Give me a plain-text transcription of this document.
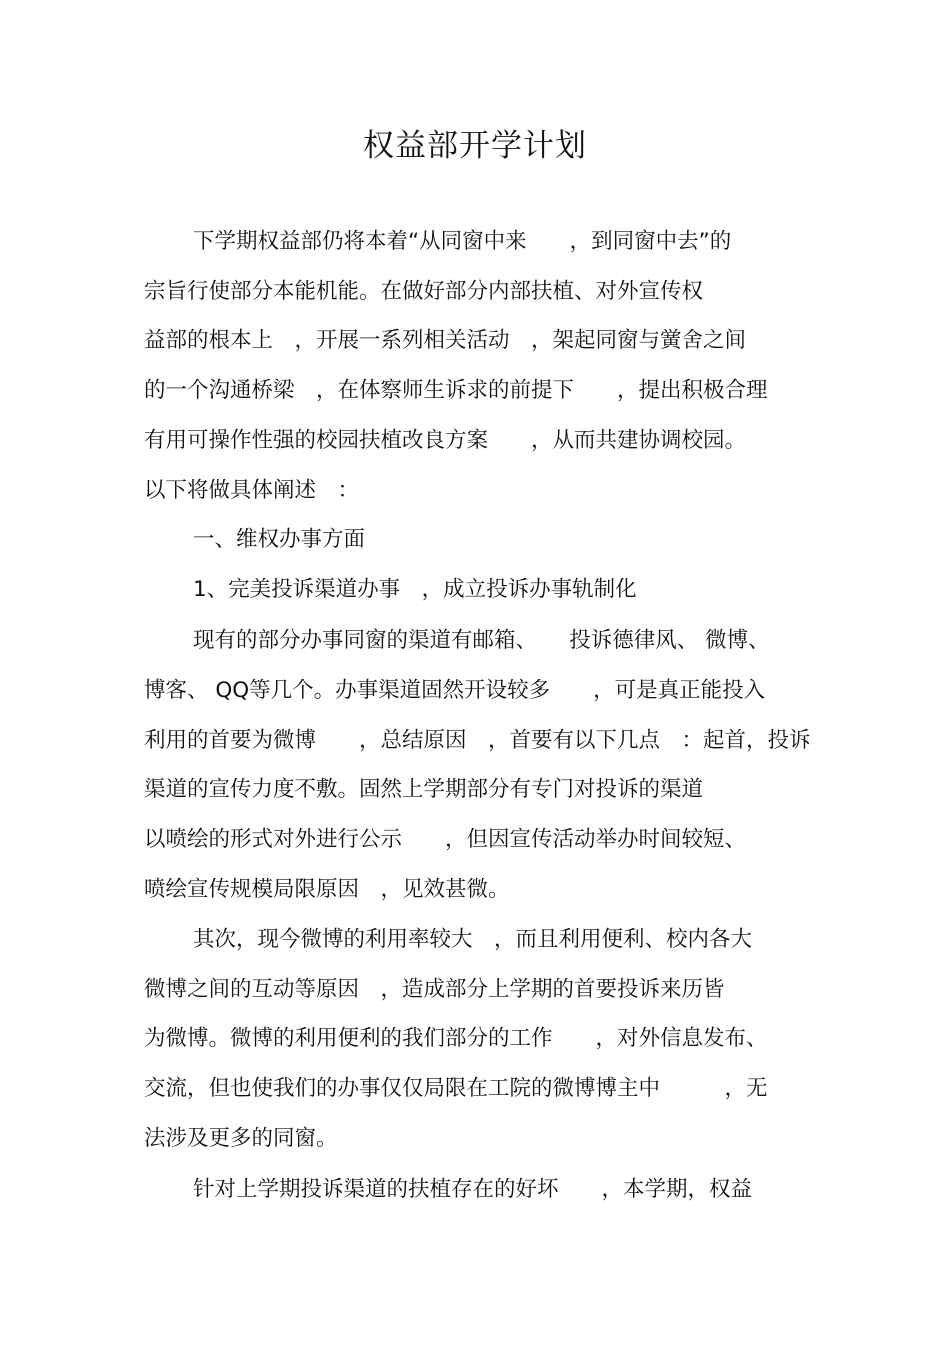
权益部开学计划
下学期权益部仍将本着“从同窗中来　　，到同窗中去”的
宗旨行使部分本能机能。在做好部分内部扶植、对外宣传权
益部的根本上　，开展一系列相关活动　，架起同窗与黉舍之间
的一个沟通桥梁　，在体察师生诉求的前提下　　，提出积极合理
有用可操作性强的校园扶植改良方案　　，从而共建协调校园。
以下将做具体阐述　：
一、维权办事方面
1、完美投诉渠道办事　，成立投诉办事轨制化
现有的部分办事同窗的渠道有邮箱、　　投诉德律风、 微博、
博客、 QQ等几个。办事渠道固然开设较多　　，可是真正能投入
利用的首要为微博　　，总结原因　，首要有以下几点　：起首，投诉
渠道的宣传力度不敷。固然上学期部分有专门对投诉的渠道
以喷绘的形式对外进行公示　　，但因宣传活动举办时间较短、
喷绘宣传规模局限原因　，见效甚微。
其次，现今微博的利用率较大　，而且利用便利、校内各大
微博之间的互动等原因　，造成部分上学期的首要投诉来历皆
为微博。微博的利用便利的我们部分的工作　　，对外信息发布、
交流，但也使我们的办事仅仅局限在工院的微博博主中　　　，无
法涉及更多的同窗。
针对上学期投诉渠道的扶植存在的好坏　　，本学期，权益
